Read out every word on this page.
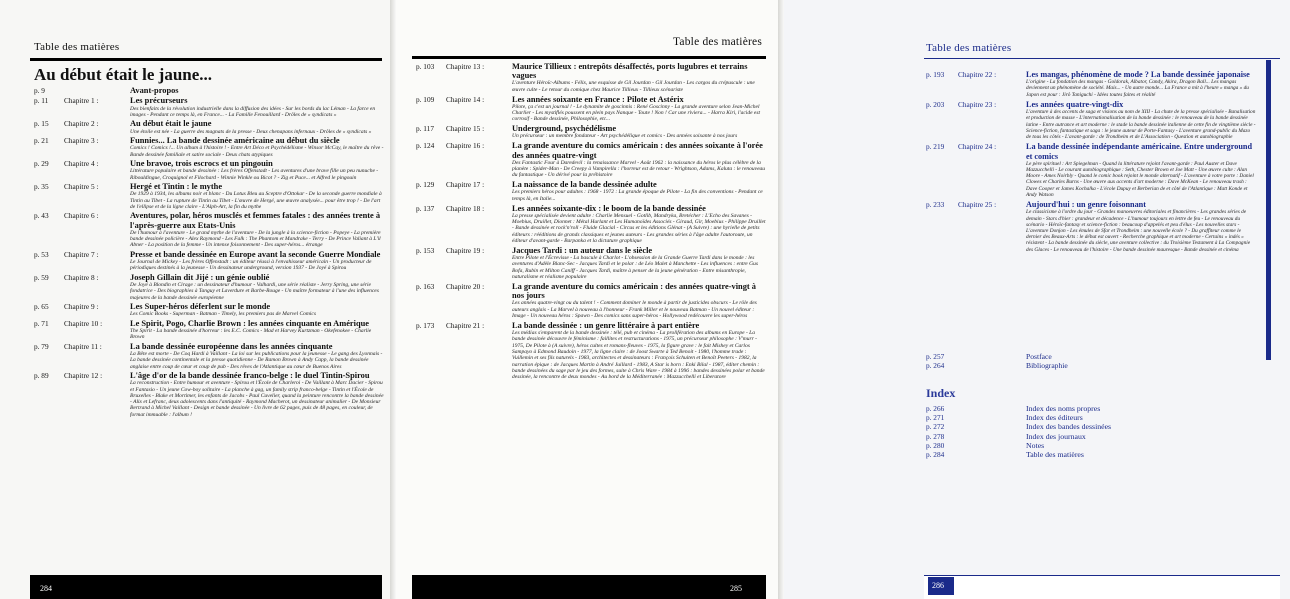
Table des matières
Au début était le jaune...
p. 9	Avant-propos
p. 11 Chapitre 1 :	Les précurseurs
Des bienfaits de la révolution industrielle dans la diffusion des idées - Sur les bords du lac Léman - La farce en images - Pendant ce temps là, en France... - La Famille Fenouillard - Drôles de « syndicats »
p. 15 Chapitre 2 :	Au début était le jaune
Une étoile est née - La guerre des magnats de la presse - Deux chenapans infernaux - Drôles de « syndicats »
p. 21 Chapitre 3 :	Funnies... La bande dessinée américaine au début du siècle
Comics ! Comics !... Un album à l'histoire ! - Entre Art Déco et Psychédélisme - Winsor McCay, le maître du rêve - Bande dessinée familiale et satire sociale - Deux chats atypiques
p. 29 Chapitre 4 :	Une bravoe, trois escrocs et un pingouin
Littérature populaire et bande dessinée : Les frères Offenstadt - Les aventures d'une brave fille un peu nunuche - Ribouldingue, Croquignol et Filochard - Winnie Winkle ou Bicot ? - Zig et Puce... et Alfred le pingouin
p. 35 Chapitre 5 :	Hergé et Tintin : le mythe
De 1929 à 1934, les albums noir et blanc - Du Lotus Bleu au Sceptre d'Ottokar - De la seconde guerre mondiale à Tintin au Tibet - La rupture de Tintin au Tibet - L'œuvre de Hergé, une œuvre analysée... pour être trop ! - De l'art de l'ellipse et de la ligne claire - L'Alph-Art, la fin du mythe
p. 43 Chapitre 6 :	Aventures, polar, héros musclés et femmes fatales : des années trente à l'après-guerre aux Etats-Unis
De l'humour à l'aventure - Le grand mythe de l'aventure - De la jungle à la science-fiction - Popeye - La première bande dessinée policière - Alex Raymond - Les Falk : The Phantom et Mandrake - Terry - De Prince Valiant à L'il Abner - La position de la femme - Un intense foisonnement - Des super-héros... étrange
p. 53 Chapitre 7 :	Presse et bande dessinée en Europe avant la seconde Guerre Mondiale
Le Journal de Mickey - Les frères Offenstadt : un éditeur réussi à l'envahisseur américain - Un producteur de périodiques destinés à la jeunesse - Un dessinateur underground, version 1937 - De Joyé à Spirou
p. 59 Chapitre 8 :	Joseph Gillain dit Jijé : un génie oublié
De Joyé à Blondin et Cirage : un dessinateur d'humour - Valhardi, une série réaliste - Jerry Spring, une série fondatrice - Des biographies à Tanguy et Laverdure et Barbe-Rouge - Un maître formateur à l'une des influences majeures de la bande dessinée européenne
p. 65 Chapitre 9 :	Les Super-héros déferlent sur le monde
Les Comic Books - Superman - Batman - Timely, les premiers pas de Marvel Comics
p. 71 Chapitre 10 :	Le Spirit, Pogo, Charlie Brown : les années cinquante en Amérique
The Spirit - La bande dessinée d'horreur : les E.C. Comics - Mad et Harvey Kurtzman - Okefenokee - Charlie Brown
p. 79 Chapitre 11 :	La bande dessinée européenne dans les années cinquante
La Bête est morte - De Coq Hardi à Vaillant - La loi sur les publications pour la jeunesse - Le gang des Lyonnais - La bande dessinée continentale et la presse quotidienne - De Ramon Brown à Andy Capp, la bande dessinée anglaise entre coup de cœur et coup de pub - Des rêves de l'Atlantique au cœur de Buenos Aires
p. 89 Chapitre 12 :	L'âge d'or de la bande dessinée franco-belge : le duel Tintin-Spirou
La reconstruction - Entre humour et aventure - Spirou et l'École de Charleroi - De Vaillant à Marc Dacier - Spirou et Fantasio - Un jeune Cow-boy solitaire - La planche à gag, un family strip franco-belge - Tintin et l'École de Bruxelles - Blake et Mortimer, les enfants de Jacobs - Paul Cuvelier, quand la peinture rencontre la bande dessinée - Alix et Lefranc, deux adolescents dans l'antiquité - Raymond Macherot, un dessinateur animalier - De Monsieur Bertrand à Michel Vaillant - Design et bande dessinée - Un livre de 62 pages, puis de 48 pages, en couleur, de format immuable : l'album !
284
Table des matières
p. 103 Chapitre 13 :	Maurice Tillieux : entrepôts désaffectés, ports lugubres et terrains vagues
L'aventure Héroïc-Albums - Félix, une esquisse de Gil Jourdan - Gil Jourdan - Les cargos du crépuscule : une œuvre culte - Le retour du comique chez Maurice Tillieux - Tillieux scénariste
p. 109 Chapitre 14 :	Les années soixante en France : Pilote et Astérix
Pilote, ça c'est un journal ! - Le dynamite de goscinnis : René Goscinny - La grande aventure selon Jean-Michel Charlier - Les mystiflés poussent en plein pays Nanque - Toute ! Non ! Car une riviera... - Harra Kiri, l'acide est corrosif - Bande dessinée, Philosophie, etc...
p. 117 Chapitre 15 :	Underground, psychédélisme
Un précurseur : un membre fondateur - Art psychédélique et comics - Des années soixante à nos jours
p. 124 Chapitre 16 :	La grande aventure du comics américain : des années soixante à l'orée des années quatre-vingt
Des Fantastic Four à Daredevil : la renaissance Marvel - Août 1962 : la naissance du héros le plus célèbre de la planète : Spider-Man - De Creepy à Vampirella : l'horreur est de retour - Wrightson, Adams, Kaluta : le renouveau du fantastique - Un dérivé pour la préhistoire
p. 129 Chapitre 17 :	La naissance de la bande dessinée adulte
Les premiers héros pour adultes : 1968 - 1972 : La grande époque de Pilote - La fin des conventions - Pendant ce temps là, en Italie...
p. 137 Chapitre 18 :	Les années soixante-dix : le boom de la bande dessinée
La presse spécialisée devient adulte : Charlie Mensuel - Gotlib, Mandryka, Bretécher : L'Echo des Savanes - Moebius, Druillet, Dionnet : Métal Hurlant et Les Humanoïdes Associés - Giraud, Gir, Moebius - Philippe Druillet - Bande dessinée et rock'n'roll - Fluide Glacial - Circus et les éditions Glénat - (A Suivre) : une hyrielle de petits éditeurs : rééditions de grands classiques et jeunes auteurs - Les grandes séries à l'âge adulte l'autoroute, un éditeur d'avant-garde - Barpanka et la dictature graphique
p. 153 Chapitre 19 :	Jacques Tardi : un auteur dans le siècle
Entre Pilote et l'Écrevisse - La bascule à Charlot - L'obsession de la Grande Guerre Tardi dans le monde : les aventures d'Adèle Blanc-Sec - Jacques Tardi et le polar : de Léo Malet à Manchette - Les influences : entre Gus Bofa, Rubin et Milton Caniff - Jacques Tardi, maître à penser de la jeune génération - Entre misanthropie, naturalisme et réalisme populaire
p. 163 Chapitre 20 :	La grande aventure du comics américain : des années quatre-vingt à nos jours
Les années quatre-vingt ou du talent ! - Comment dominer le monde à partir de justicides obscurs - Le rôle des auteurs anglais - La Marvel à nouveau à l'honneur - Frank Miller et le nouveau Batman - Un nouvel éditeur : Image - Un nouveau héros : Spawn - Des comics sans super-héros - Hollywood redécouvre les super-héros
p. 173 Chapitre 21 :	La bande dessinée : un genre littéraire à part entière
Les médias s'emparent de la bande dessinée : télé, pub et cinéma - La prolifération des albums en Europe - La bande dessinée découvre le féminisme : faillites et restructurations - 1975, un précurseur philosophe : V'murr - 1975, De Pilote à (A suivre), héros cultes et romans-fleuves - 1975, la figure grave : le fait Mishey et Carlos Sampayo à Edmond Baudoin - 1977, la ligne claire : de Joost Swarte à Ted Benoit - 1980, l'homme trade : Vuillemin et ses fils naturels - 1983, architectes et dessinateurs : François Schuiten et Benoît Peeters - 1982, la narration épique : de Jacques Martin à André Juillard - 1983, A Star is born : Enki Bilal - 1987, éditer chemin : bande dessinées du sage par le jeu des formes, suite à Chris Ware - 1984 à 1996 : bandes dessinées polar et bande dessinée, la rencontre de deux mondes - Au bord de la Méditerranée : Mazzucchelli et Liberatore
285
Table des matières
p. 193 Chapitre 22 :	Les mangas, phénomène de mode ? La bande dessinée japonaise
L'origine - La fondation des mangas - Goldorak, Albator, Candy, Akira, Dragon Ball... Les mangas deviennent un phénomène de société. Mais... - Un autre monde... La France a mit à l'heure « manga » du Japon est pour : Jirô Taniguchi - Idées toutes faites et réalité
p. 203 Chapitre 23 :	Les années quatre-vingt-dix
L'aventure à des accents de saga et visions au nom de XIII - La chute de la presse spécialisée - Banalisation et production de masse - L'internationalisation de la bande dessinée : le renouveau de la bande dessinée latine - Entre autrance et art moderne : le stade la bande dessinée italienne de cette fin de vingtième siècle - Science-fiction, fantastique et saga : le jeune auteur de Porte-Fantasy - L'aventure grand-public du Mazo de tous les côtés - L'avant-garde : de Trondheim et de L'Association - Question et autobiographie
p. 219 Chapitre 24 :	La bande dessinée indépendante américaine. Entre underground et comics
Le père spirituel : Art Spiegelman - Quand la littérature rejoint l'avant-garde : Paul Auster et Dave Mazzucchelli - Le courant autobiographique : Seth, Chester Brown et Joe Matt - Une œuvre culte : Alan Moore - Ames Noirbly - Quand le comic book rejoint le monde alternatif - L'aventure à votre porte : Daniel Clowes et Charles Burns - Une œuvre aux accents d'art moderne : Dave McKean - Le renouveau trash : Dave Cooper et James Kochalka - L'école Dupuy et Berberian de et côté de l'Atlantique : Matt Konde et Andy Watson
p. 233 Chapitre 25 :	Aujourd'hui : un genre foisonnant
Le classicisme à l'ordre du jour - Grandes manoeuvres éditoriales et financières - Les grandes séries de demain - Stars d'hier : grandeur et décadence - L'humour toujours en lettre de feu - Le renouveau du scénario - Héroïc-fantasy et science-fiction : beaucoup d'appelés et peu d'élus - Les nouvelles stars - L'aventure Donjon - Les émules de Sfar et Trondheim : une nouvelle école ? - Du graffiteur comme le dernier des Beaux-Arts : le début est ouvert - Recherche graphique et art moderne - Certains « indés » résistent - La bande dessinée du siècle, une aventure collective : du Troisième Testament à La Compagnie des Glaces - Le renouveau de l'histoire - Une bande dessinée mauresque - Bande dessinée et cinéma
p. 257	Postface
p. 264	Bibliographie
Index
p. 266	Index des noms propres
p. 271	Index des éditeurs
p. 272	Index des bandes dessinées
p. 278	Index des journaux
p. 280	Notes
p. 284	Table des matières
286
